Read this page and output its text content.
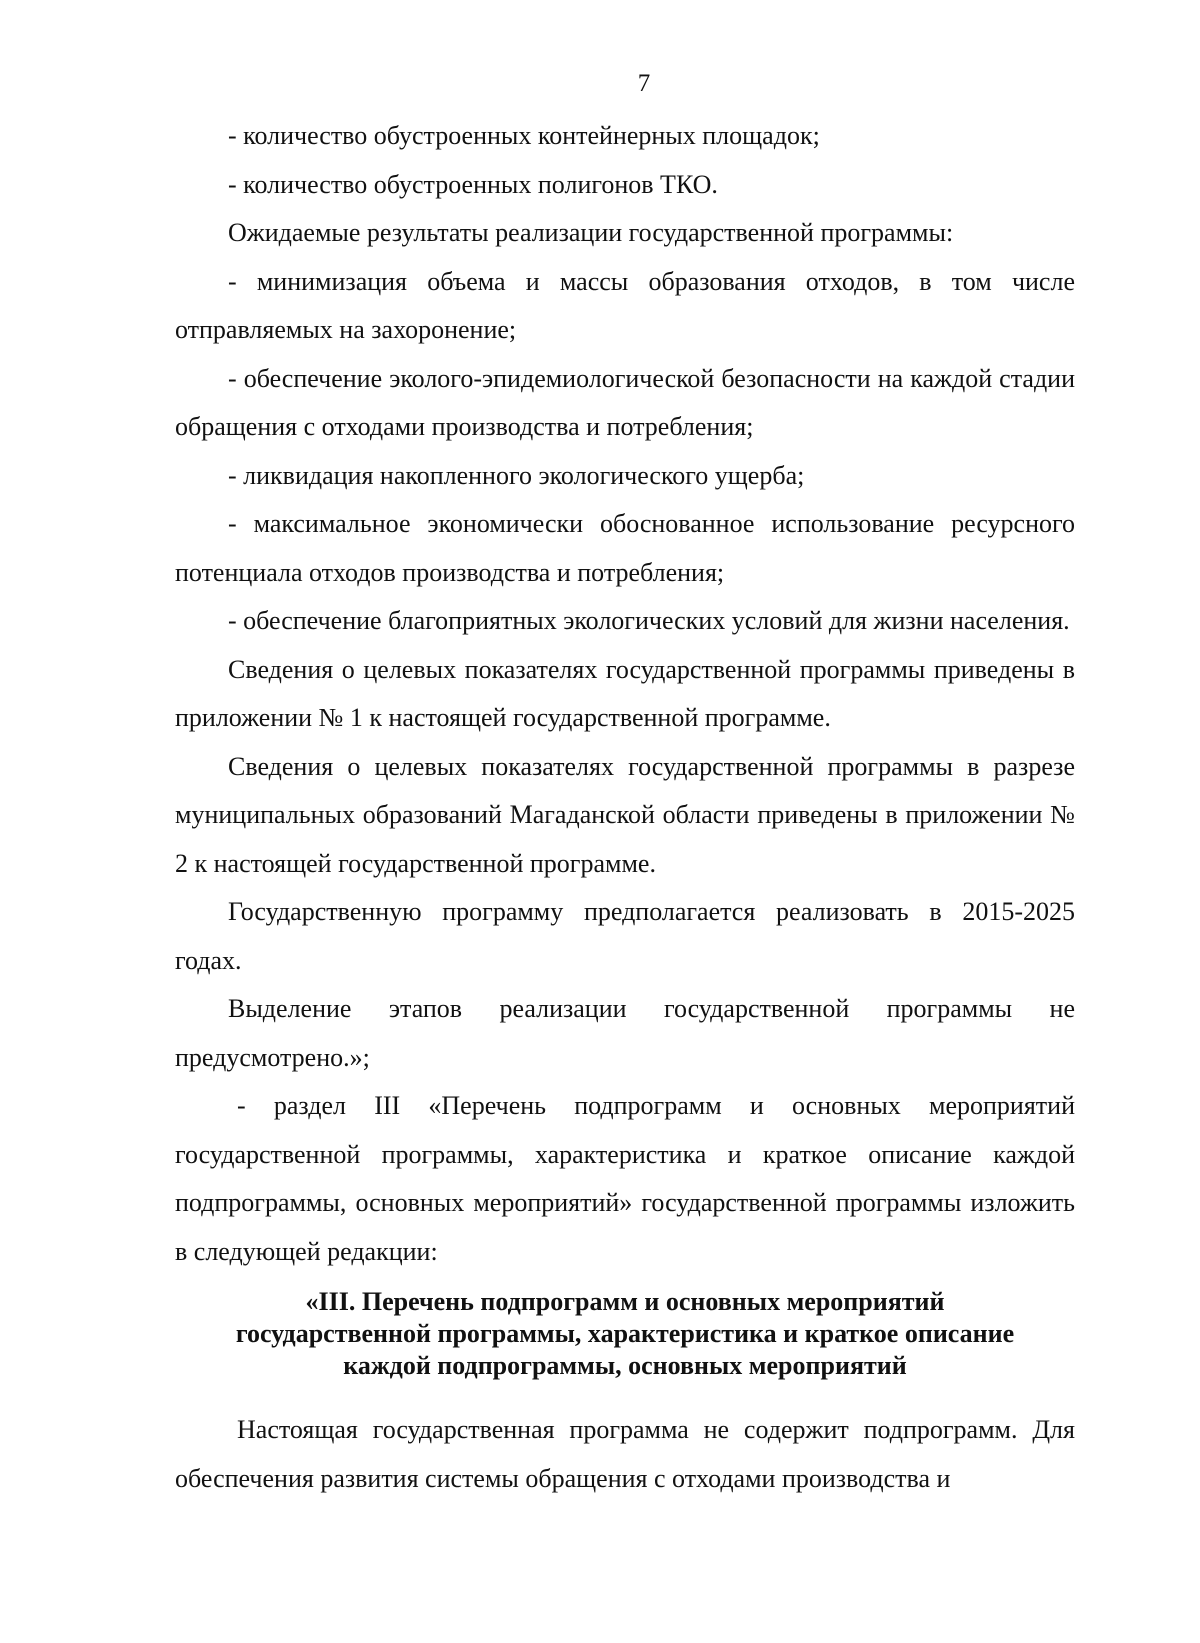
7

- количество обустроенных контейнерных площадок;

- количество обустроенных полигонов ТКО.

Ожидаемые результаты реализации государственной программы:

- минимизация объема и массы образования отходов, в том числе отправляемых на захоронение;

- обеспечение эколого-эпидемиологической безопасности на каждой стадии обращения с отходами производства и потребления;

- ликвидация накопленного экологического ущерба;

- максимальное экономически обоснованное использование ресурсного потенциала отходов производства и потребления;

- обеспечение благоприятных экологических условий для жизни населения.

Сведения о целевых показателях государственной программы приведены в приложении № 1 к настоящей государственной программе.

Сведения о целевых показателях государственной программы в разрезе муниципальных образований Магаданской области приведены в приложении № 2 к настоящей государственной программе.

Государственную программу предполагается реализовать в 2015-2025 годах.

Выделение этапов реализации государственной программы не предусмотрено.»;

- раздел III «Перечень подпрограмм и основных мероприятий государственной программы, характеристика и краткое описание каждой подпрограммы, основных мероприятий» государственной программы изложить в следующей редакции:

«III. Перечень подпрограмм и основных мероприятий
государственной программы, характеристика и краткое описание
каждой подпрограммы, основных мероприятий

Настоящая государственная программа не содержит подпрограмм. Для обеспечения развития системы обращения с отходами производства и
